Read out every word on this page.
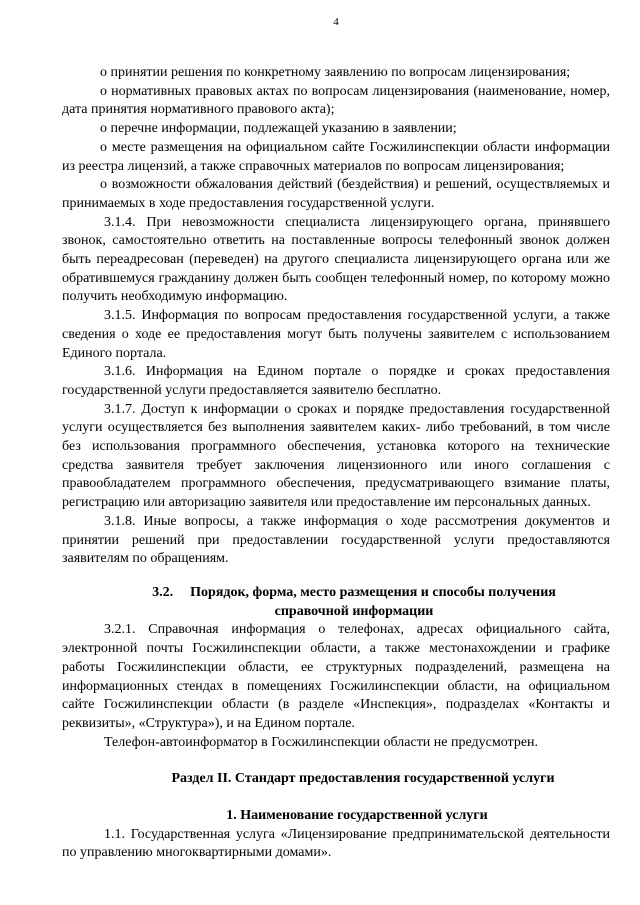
4

о принятии решения по конкретному заявлению по вопросам лицензирования;

о нормативных правовых актах по вопросам лицензирования (наименование, номер, дата принятия нормативного правового акта);

о перечне информации, подлежащей указанию в заявлении;

о месте размещения на официальном сайте Госжилинспекции области информации из реестра лицензий, а также справочных материалов по вопросам лицензирования;

о возможности обжалования действий (бездействия) и решений, осуществляемых и принимаемых в ходе предоставления государственной услуги.

3.1.4. При невозможности специалиста лицензирующего органа, принявшего звонок, самостоятельно ответить на поставленные вопросы телефонный звонок должен быть переадресован (переведен) на другого специалиста лицензирующего органа или же обратившемуся гражданину должен быть сообщен телефонный номер, по которому можно получить необходимую информацию.

3.1.5. Информация по вопросам предоставления государственной услуги, а также сведения о ходе ее предоставления могут быть получены заявителем с использованием Единого портала.

3.1.6. Информация на Едином портале о порядке и сроках предоставления государственной услуги предоставляется заявителю бесплатно.

3.1.7. Доступ к информации о сроках и порядке предоставления государственной услуги осуществляется без выполнения заявителем каких- либо требований, в том числе без использования программного обеспечения, установка которого на технические средства заявителя требует заключения лицензионного или иного соглашения с правообладателем программного обеспечения, предусматривающего взимание платы, регистрацию или авторизацию заявителя или предоставление им персональных данных.

3.1.8. Иные вопросы, а также информация о ходе рассмотрения документов и принятии решений при предоставлении государственной услуги предоставляются заявителям по обращениям.

3.2. Порядок, форма, место размещения и способы получения
справочной информации

3.2.1. Справочная информация о телефонах, адресах официального сайта, электронной почты Госжилинспекции области, а также местонахождении и графике работы Госжилинспекции области, ее структурных подразделений, размещена на информационных стендах в помещениях Госжилинспекции области, на официальном сайте Госжилинспекции области (в разделе «Инспекция», подразделах «Контакты и реквизиты», «Структура»), и на Едином портале.

Телефон-автоинформатор в Госжилинспекции области не предусмотрен.

Раздел II. Стандарт предоставления государственной услуги
1. Наименование государственной услуги

1.1. Государственная услуга «Лицензирование предпринимательской деятельности по управлению многоквартирными домами».
